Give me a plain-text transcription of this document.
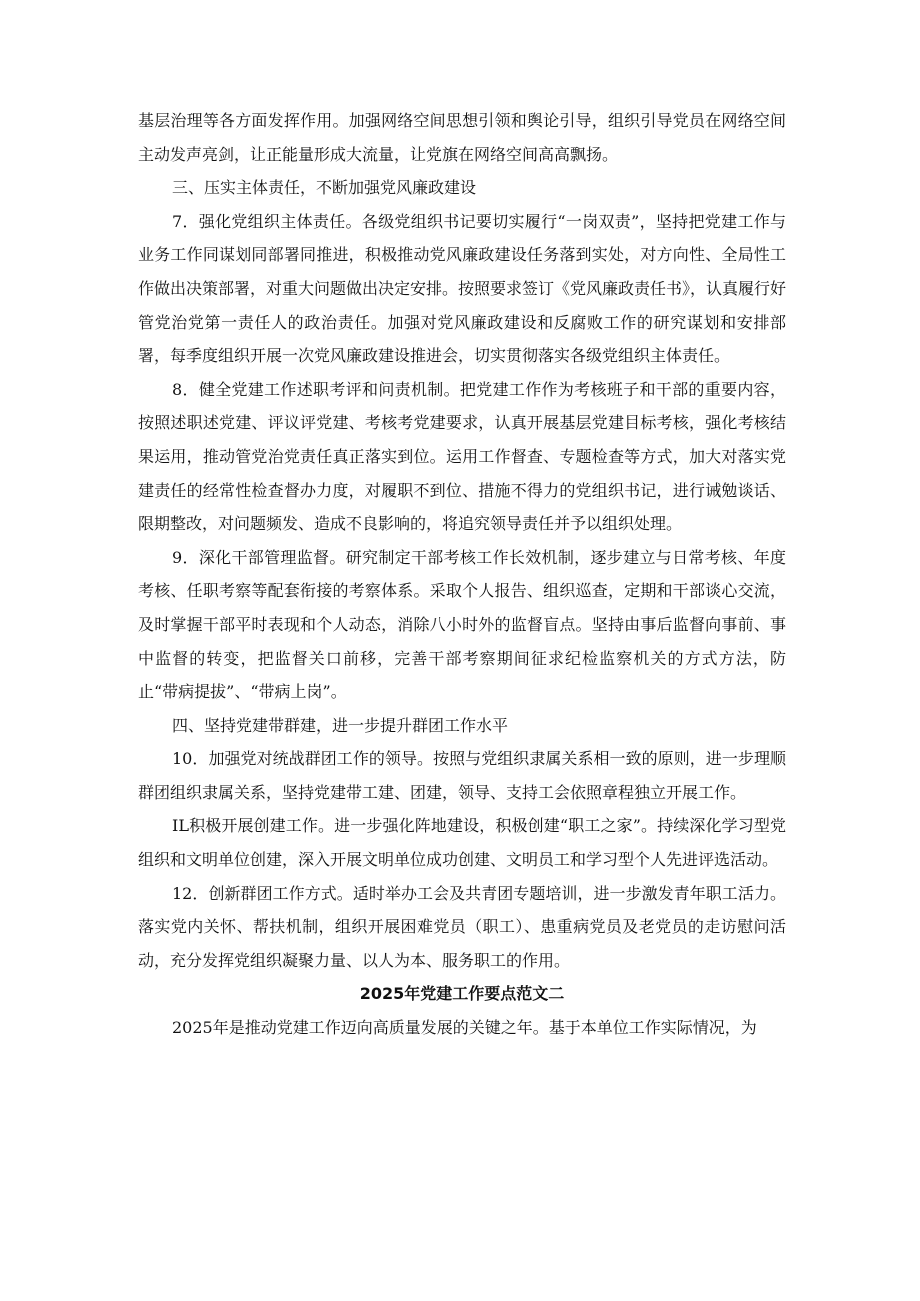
基层治理等各方面发挥作用。加强网络空间思想引领和舆论引导，组织引导党员在网络空间主动发声亮剑，让正能量形成大流量，让党旗在网络空间高高飘扬。

三、压实主体责任，不断加强党风廉政建设

7．强化党组织主体责任。各级党组织书记要切实履行“一岗双责”，坚持把党建工作与业务工作同谋划同部署同推进，积极推动党风廉政建设任务落到实处，对方向性、全局性工作做出决策部署，对重大问题做出决定安排。按照要求签订《党风廉政责任书》，认真履行好管党治党第一责任人的政治责任。加强对党风廉政建设和反腐败工作的研究谋划和安排部署，每季度组织开展一次党风廉政建设推进会，切实贯彻落实各级党组织主体责任。

8．健全党建工作述职考评和问责机制。把党建工作作为考核班子和干部的重要内容，按照述职述党建、评议评党建、考核考党建要求，认真开展基层党建目标考核，强化考核结果运用，推动管党治党责任真正落实到位。运用工作督查、专题检查等方式，加大对落实党建责任的经常性检查督办力度，对履职不到位、措施不得力的党组织书记，进行诫勉谈话、限期整改，对问题频发、造成不良影响的，将追究领导责任并予以组织处理。

9．深化干部管理监督。研究制定干部考核工作长效机制，逐步建立与日常考核、年度考核、任职考察等配套衔接的考察体系。采取个人报告、组织巡查，定期和干部谈心交流，及时掌握干部平时表现和个人动态，消除八小时外的监督盲点。坚持由事后监督向事前、事中监督的转变，把监督关口前移，完善干部考察期间征求纪检监察机关的方式方法，防止“带病提拔”、“带病上岗”。

四、坚持党建带群建，进一步提升群团工作水平

10．加强党对统战群团工作的领导。按照与党组织隶属关系相一致的原则，进一步理顺群团组织隶属关系，坚持党建带工建、团建，领导、支持工会依照章程独立开展工作。

IL积极开展创建工作。进一步强化阵地建设，积极创建“职工之家”。持续深化学习型党组织和文明单位创建，深入开展文明单位成功创建、文明员工和学习型个人先进评选活动。

12．创新群团工作方式。适时举办工会及共青团专题培训，进一步激发青年职工活力。落实党内关怀、帮扶机制，组织开展困难党员（职工）、患重病党员及老党员的走访慰问活动，充分发挥党组织凝聚力量、以人为本、服务职工的作用。

2025年党建工作要点范文二

2025年是推动党建工作迈向高质量发展的关键之年。基于本单位工作实际情况，为
